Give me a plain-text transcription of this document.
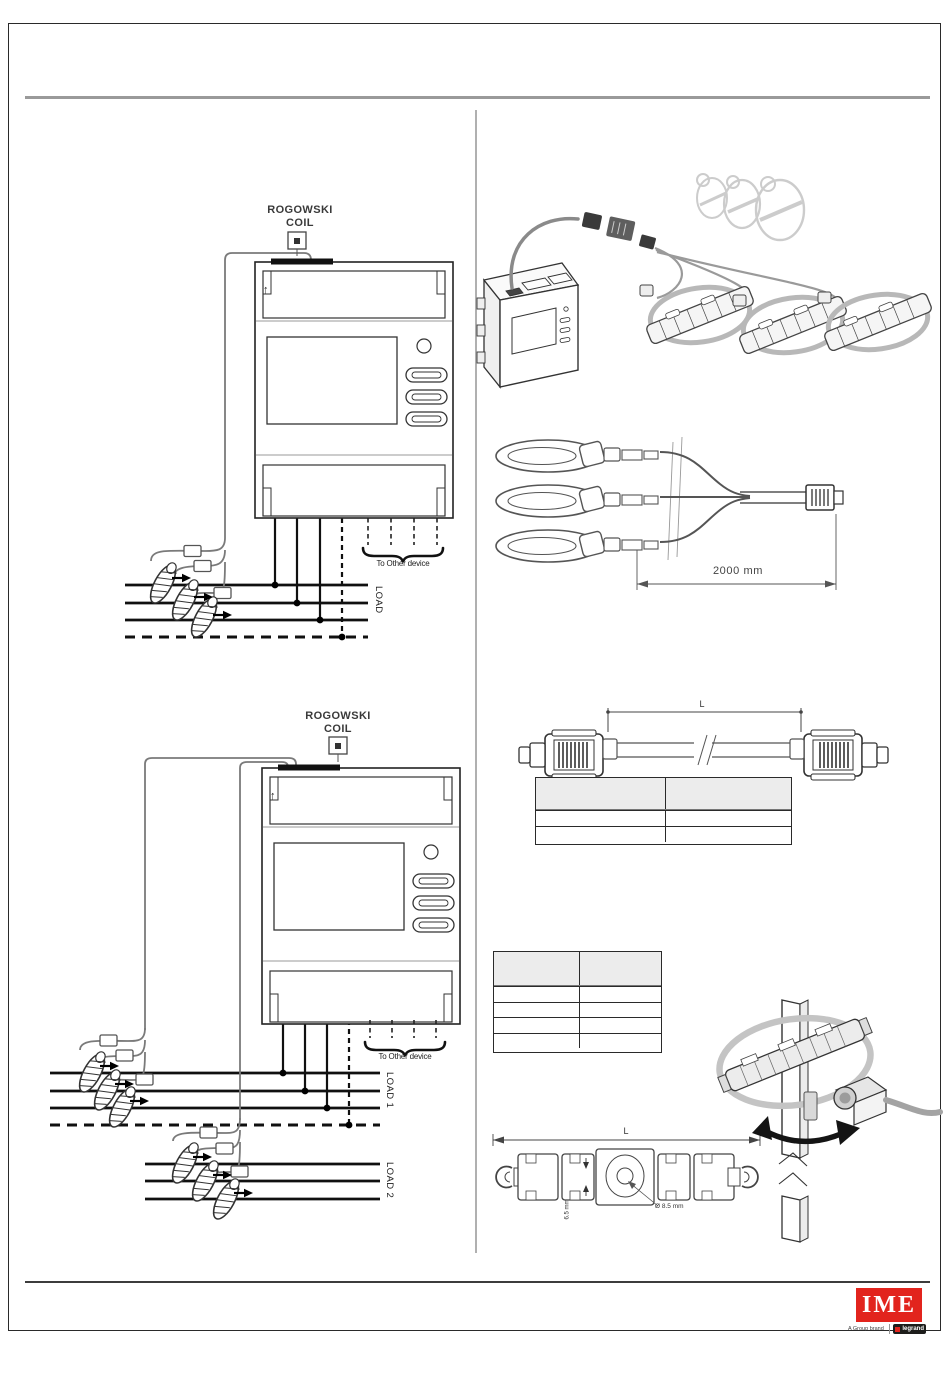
ROGOWSKI
COIL
↑
To Other device
LOAD
ROGOWSKI
COIL
↑
To Other device
LOAD 1
LOAD 2
2000 mm
L
L
6.5 mm	Ø 8.5 mm
IME
A Group brand	legrand
